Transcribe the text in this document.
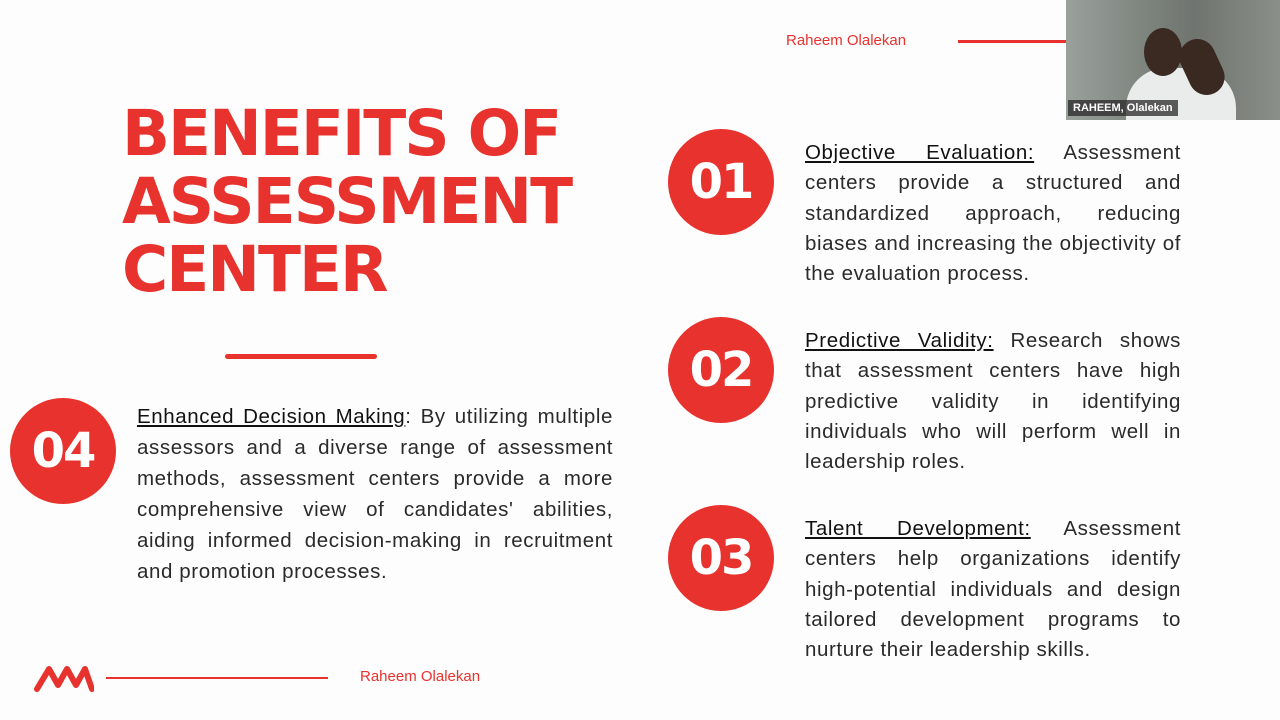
Raheem Olalekan
BENEFITS OF
ASSESSMENT
CENTER
01
Objective Evaluation: Assessment centers provide a structured and standardized approach, reducing biases and increasing the objectivity of the evaluation process.
02
Predictive Validity: Research shows that assessment centers have high predictive validity in identifying individuals who will perform well in leadership roles.
03
Talent Development: Assessment centers help organizations identify high-potential individuals and design tailored development programs to nurture their leadership skills.
04
Enhanced Decision Making: By utilizing multiple assessors and a diverse range of assessment methods, assessment centers provide a more comprehensive view of candidates' abilities, aiding informed decision-making in recruitment and promotion processes.
Raheem Olalekan
RAHEEM, Olalekan
